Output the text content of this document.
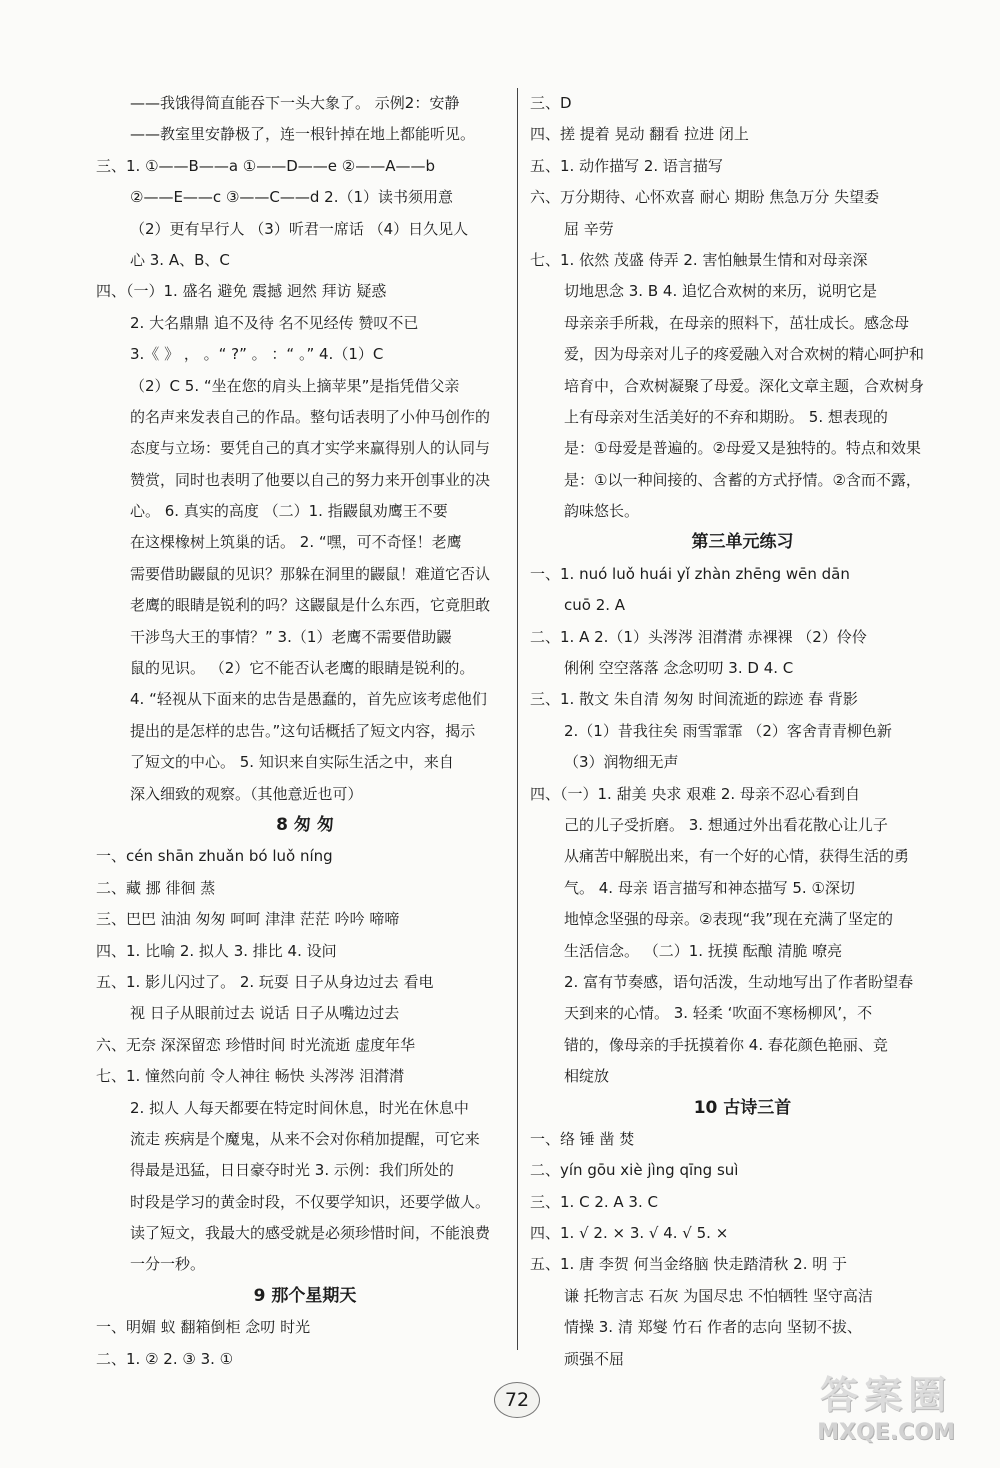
——我饿得简直能吞下一头大象了。 示例2：安静
——教室里安静极了，连一根针掉在地上都能听见。
三、1. ①——B——a ①——D——e ②——A——b
②——E——c ③——C——d 2.（1）读书须用意
（2）更有早行人 （3）听君一席话 （4）日久见人
心 3. A、B、C
四、（一）1. 盛名 避免 震撼 迥然 拜访 疑惑
2. 大名鼎鼎 追不及待 名不见经传 赞叹不已
3.《 》 ， 。“ ?” 。 ：“ 。” 4.（1）C
（2）C 5. “坐在您的肩头上摘苹果”是指凭借父亲
的名声来发表自己的作品。整句话表明了小仲马创作的
态度与立场：要凭自己的真才实学来赢得别人的认同与
赞赏，同时也表明了他要以自己的努力来开创事业的决
心。 6. 真实的高度 （二）1. 指鼹鼠劝鹰王不要
在这棵橡树上筑巢的话。 2. “嘿，可不奇怪！老鹰
需要借助鼹鼠的见识？那躲在洞里的鼹鼠！难道它否认
老鹰的眼睛是锐利的吗？这鼹鼠是什么东西，它竟胆敢
干涉鸟大王的事情？” 3.（1）老鹰不需要借助鼹
鼠的见识。 （2）它不能否认老鹰的眼睛是锐利的。
4. “轻视从下面来的忠告是愚蠢的，首先应该考虑他们
提出的是怎样的忠告。”这句话概括了短文内容，揭示
了短文的中心。 5. 知识来自实际生活之中，来自
深入细致的观察。（其他意近也可）
8 匆 匆
一、cén shān zhuǎn bó luǒ níng
二、藏 挪 徘徊 蒸
三、巴巴 油油 匆匆 呵呵 津津 茫茫 吟吟 啼啼
四、1. 比喻 2. 拟人 3. 排比 4. 设问
五、1. 影儿闪过了。 2. 玩耍 日子从身边过去 看电
视 日子从眼前过去 说话 日子从嘴边过去
六、无奈 深深留恋 珍惜时间 时光流逝 虚度年华
七、1. 憧然向前 令人神往 畅快 头涔涔 泪潸潸
2. 拟人 人每天都要在特定时间休息，时光在休息中
流走 疾病是个魔鬼，从来不会对你稍加提醒，可它来
得最是迅猛，日日豪夺时光 3. 示例：我们所处的
时段是学习的黄金时段，不仅要学知识，还要学做人。
读了短文，我最大的感受就是必须珍惜时间，不能浪费
一分一秒。
9 那个星期天
一、明媚 蚁 翻箱倒柜 念叨 时光
二、1. ② 2. ③ 3. ①
三、D
四、搓 提着 晃动 翻看 拉进 闭上
五、1. 动作描写 2. 语言描写
六、万分期待、心怀欢喜 耐心 期盼 焦急万分 失望委
屈 辛劳
七、1. 依然 茂盛 侍弄 2. 害怕触景生情和对母亲深
切地思念 3. B 4. 追忆合欢树的来历，说明它是
母亲亲手所栽，在母亲的照料下，茁壮成长。感念母
爱，因为母亲对儿子的疼爱融入对合欢树的精心呵护和
培育中，合欢树凝聚了母爱。深化文章主题，合欢树身
上有母亲对生活美好的不弃和期盼。 5. 想表现的
是：①母爱是普遍的。②母爱又是独特的。特点和效果
是：①以一种间接的、含蓄的方式抒情。②含而不露，
韵味悠长。
第三单元练习
一、1. nuó luǒ huái yǐ zhàn zhēng wēn dān
cuō 2. A
二、1. A 2.（1）头涔涔 泪潸潸 赤裸裸 （2）伶伶
俐俐 空空落落 念念叨叨 3. D 4. C
三、1. 散文 朱自清 匆匆 时间流逝的踪迹 春 背影
2.（1）昔我往矣 雨雪霏霏 （2）客舍青青柳色新
（3）润物细无声
四、（一）1. 甜美 央求 艰难 2. 母亲不忍心看到自
己的儿子受折磨。 3. 想通过外出看花散心让儿子
从痛苦中解脱出来，有一个好的心情，获得生活的勇
气。 4. 母亲 语言描写和神态描写 5. ①深切
地悼念坚强的母亲。②表现“我”现在充满了坚定的
生活信念。 （二）1. 抚摸 酝酿 清脆 嘹亮
2. 富有节奏感，语句活泼，生动地写出了作者盼望春
天到来的心情。 3. 轻柔 ‘吹面不寒杨柳风’，不
错的，像母亲的手抚摸着你 4. 春花颜色艳丽、竞
相绽放
10 古诗三首
一、络 锤 凿 焚
二、yín gōu xiè jìng qīng suì
三、1. C 2. A 3. C
四、1. √ 2. × 3. √ 4. √ 5. ×
五、1. 唐 李贺 何当金络脑 快走踏清秋 2. 明 于
谦 托物言志 石灰 为国尽忠 不怕牺牲 坚守高洁
情操 3. 清 郑燮 竹石 作者的志向 坚韧不拔、
顽强不屈
72	答案圈
MXQE.COM
